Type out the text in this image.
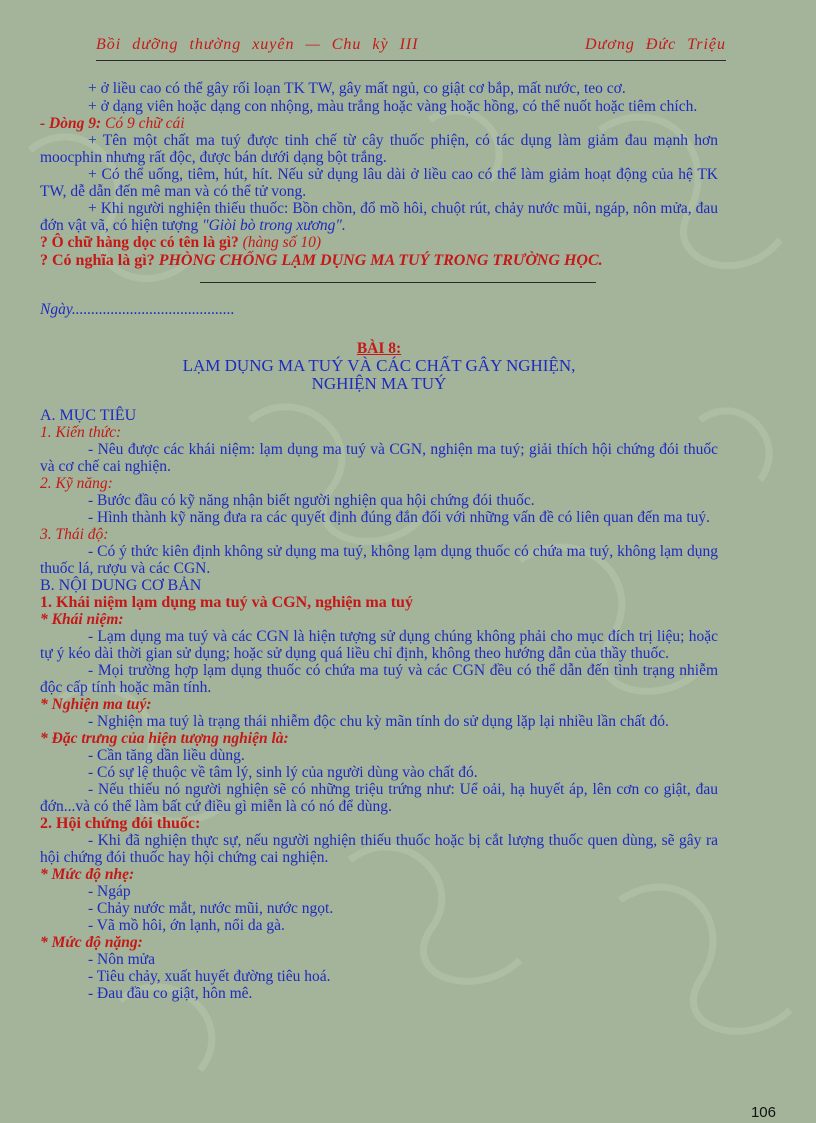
Bồi dưỡng thường xuyên — Chu kỳ III	Dương Đức Triệu
+ ở liều cao có thể gây rối loạn TK TW, gây mất ngủ, co giật cơ bắp, mất nước, teo cơ.
+ ở dạng viên hoặc dạng con nhộng, màu trắng hoặc vàng hoặc hồng, có thể nuốt hoặc tiêm chích.
- Dòng 9: Có 9 chữ cái
+ Tên một chất ma tuý được tinh chế từ cây thuốc phiện, có tác dụng làm giảm đau mạnh hơn moocphin nhưng rất độc, được bán dưới dạng bột trắng.
+ Có thể uống, tiêm, hút, hít. Nếu sử dụng lâu dài ở liều cao có thể làm giảm hoạt động của hệ TK TW, dễ dẫn đến mê man và có thể tử vong.
+ Khi người nghiện thiếu thuốc: Bồn chồn, đổ mồ hôi, chuột rút, chảy nước mũi, ngáp, nôn mửa, đau đớn vật vã, có hiện tượng "Giòi bò trong xương".
? Ô chữ hàng dọc có tên là gì? (hàng số 10)
? Có nghĩa là gì? PHÒNG CHỐNG LẠM DỤNG MA TUÝ TRONG TRƯỜNG HỌC.
Ngày..........................................
BÀI 8:
LẠM DỤNG MA TUÝ VÀ CÁC CHẤT GÂY NGHIỆN,
NGHIỆN MA TUÝ
A. MỤC TIÊU
1. Kiến thức:
- Nêu được các khái niệm: lạm dụng ma tuý và CGN, nghiện ma tuý; giải thích hội chứng đói thuốc và cơ chế cai nghiện.
2. Kỹ năng:
- Bước đầu có kỹ năng nhận biết người nghiện qua hội chứng đói thuốc.
- Hình thành kỹ năng đưa ra các quyết định đúng đắn đối với những vấn đề có liên quan đến ma tuý.
3. Thái độ:
- Có ý thức kiên định không sử dụng ma tuý, không lạm dụng thuốc có chứa ma tuý, không lạm dụng thuốc lá, rượu và các CGN.
B. NỘI DUNG CƠ BẢN
1. Khái niệm lạm dụng ma tuý và CGN, nghiện ma tuý
* Khái niệm:
- Lạm dụng ma tuý và các CGN là hiện tượng sử dụng chúng không phải cho mục đích trị liệu; hoặc tự ý kéo dài thời gian sử dụng; hoặc sử dụng quá liều chỉ định, không theo hướng dẫn của thầy thuốc.
- Mọi trường hợp lạm dụng thuốc có chứa ma tuý và các CGN đều có thể dẫn đến tình trạng nhiễm độc cấp tính hoặc mãn tính.
* Nghiện ma tuý:
- Nghiện ma tuý là trạng thái nhiễm độc chu kỳ mãn tính do sử dụng lặp lại nhiều lần chất đó.
* Đặc trưng của hiện tượng nghiện là:
- Cần tăng dần liều dùng.
- Có sự lệ thuộc về tâm lý, sinh lý của người dùng vào chất đó.
- Nếu thiếu nó người nghiện sẽ có những triệu trứng như: Uể oải, hạ huyết áp, lên cơn co giật, đau đớn...và có thể làm bất cứ điều gì miễn là có nó để dùng.
2. Hội chứng đói thuốc:
- Khi đã nghiện thực sự, nếu người nghiện thiếu thuốc hoặc bị cắt lượng thuốc quen dùng, sẽ gây ra hội chứng đói thuốc hay hội chứng cai nghiện.
* Mức độ nhẹ:
- Ngáp
- Chảy nước mắt, nước mũi, nước ngọt.
- Vã mồ hôi, ớn lạnh, nổi da gà.
* Mức độ nặng:
- Nôn mửa
- Tiêu chảy, xuất huyết đường tiêu hoá.
- Đau đầu co giật, hôn mê.
106
